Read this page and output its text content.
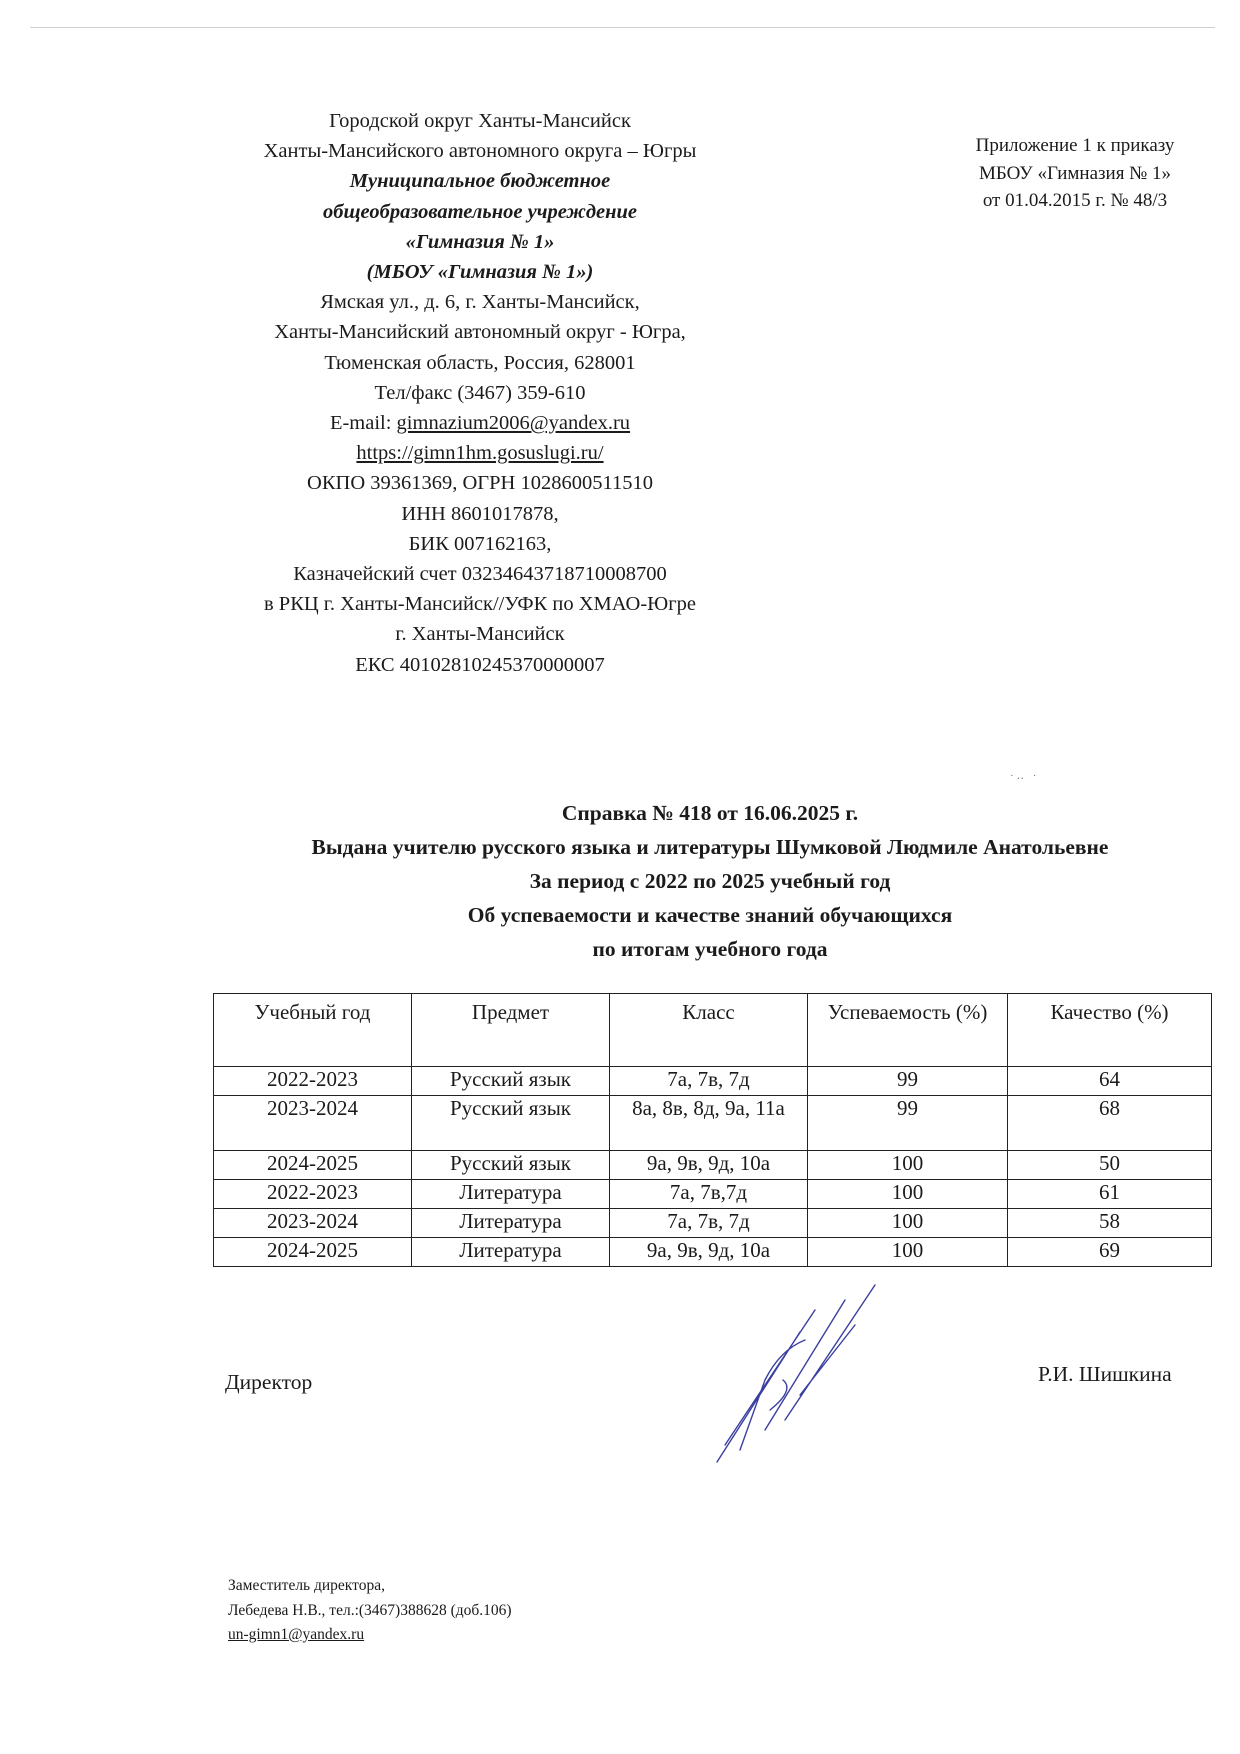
Городской округ Ханты-Мансийск
Ханты-Мансийского автономного округа – Югры
Муниципальное бюджетное
общеобразовательное учреждение
«Гимназия № 1»
(МБОУ «Гимназия № 1»)
Ямская ул., д. 6, г. Ханты-Мансийск,
Ханты-Мансийский автономный округ - Югра,
Тюменская область, Россия, 628001
Тел/факс (3467) 359-610
E-mail: gimnazium2006@yandex.ru
https://gimn1hm.gosuslugi.ru/
ОКПО 39361369, ОГРН 1028600511510
ИНН 8601017878,
БИК 007162163,
Казначейский счет 03234643718710008700
в РКЦ г. Ханты-Мансийск//УФК по ХМАО-Югре
г. Ханты-Мансийск
ЕКС 40102810245370000007
Приложение 1 к приказу
МБОУ «Гимназия № 1»
от 01.04.2015 г. № 48/3
·‥ ·
Справка № 418 от 16.06.2025 г.
Выдана учителю русского языка и литературы Шумковой Людмиле Анатольевне
За период с 2022 по 2025 учебный год
Об успеваемости и качестве знаний обучающихся
по итогам учебного года
Учебный год	Предмет	Класс	Успеваемость (%)	Качество (%)
2022-2023	Русский язык	7а, 7в, 7д	99	64
2023-2024	Русский язык	8а, 8в, 8д, 9а, 11а	99	68
2024-2025	Русский язык	9а, 9в, 9д, 10а	100	50
2022-2023	Литература	7а, 7в,7д	100	61
2023-2024	Литература	7а, 7в, 7д	100	58
2024-2025	Литература	9а, 9в, 9д, 10а	100	69
Директор	Р.И. Шишкина
Заместитель директора,
Лебедева Н.В., тел.:(3467)388628 (доб.106)
un-gimn1@yandex.ru
